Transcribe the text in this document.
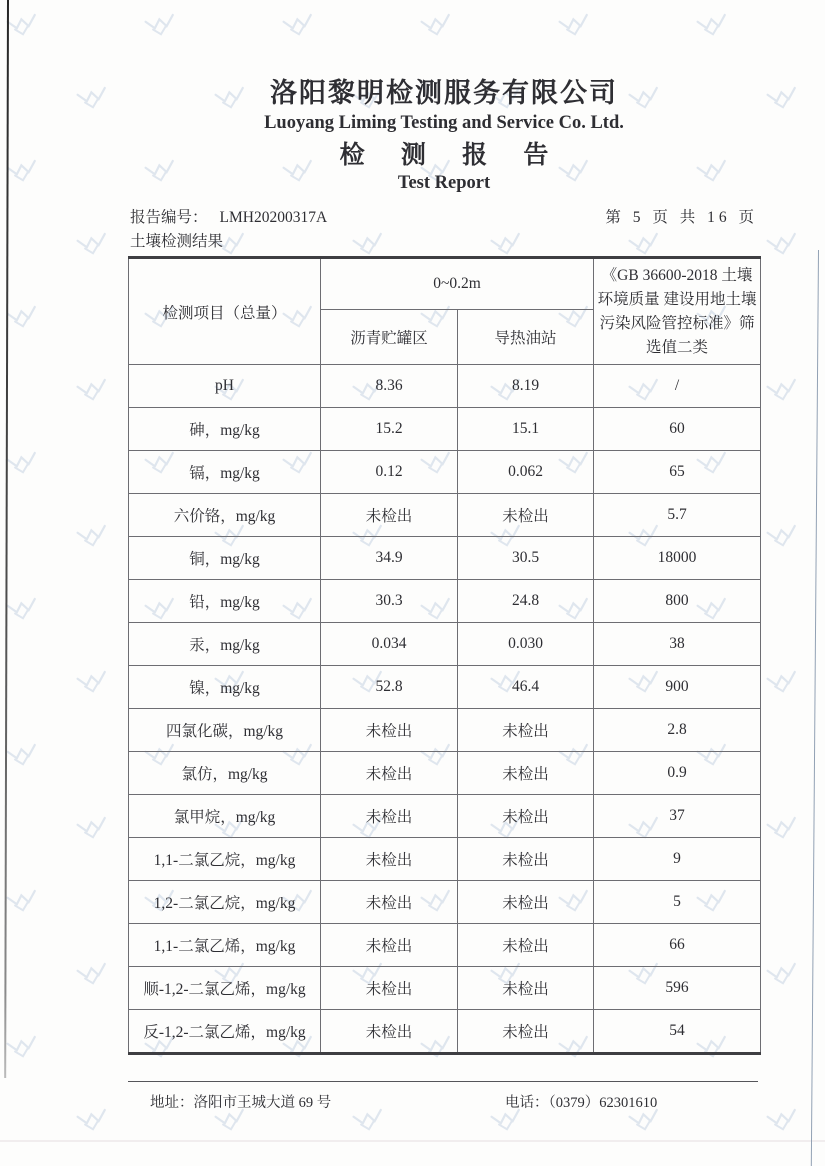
洛阳黎明检测服务有限公司
Luoyang Liming Testing and Service Co. Ltd.
检 测 报 告
Test Report
报告编号： LMH20200317A	第 5 页 共 16 页
土壤检测结果
检测项目（总量）	0~0.2m		《GB 36600-2018 土壤环境质量 建设用地土壤污染风险管控标准》筛选值二类
	沥青贮罐区	导热油站	
pH	8.36	8.19	/
砷，mg/kg	15.2	15.1	60
镉，mg/kg	0.12	0.062	65
六价铬，mg/kg	未检出	未检出	5.7
铜，mg/kg	34.9	30.5	18000
铅，mg/kg	30.3	24.8	800
汞，mg/kg	0.034	0.030	38
镍，mg/kg	52.8	46.4	900
四氯化碳，mg/kg	未检出	未检出	2.8
氯仿，mg/kg	未检出	未检出	0.9
氯甲烷，mg/kg	未检出	未检出	37
1,1-二氯乙烷，mg/kg	未检出	未检出	9
1,2-二氯乙烷，mg/kg	未检出	未检出	5
1,1-二氯乙烯，mg/kg	未检出	未检出	66
顺-1,2-二氯乙烯，mg/kg	未检出	未检出	596
反-1,2-二氯乙烯，mg/kg	未检出	未检出	54
地址：洛阳市王城大道 69 号	电话：（0379）62301610
